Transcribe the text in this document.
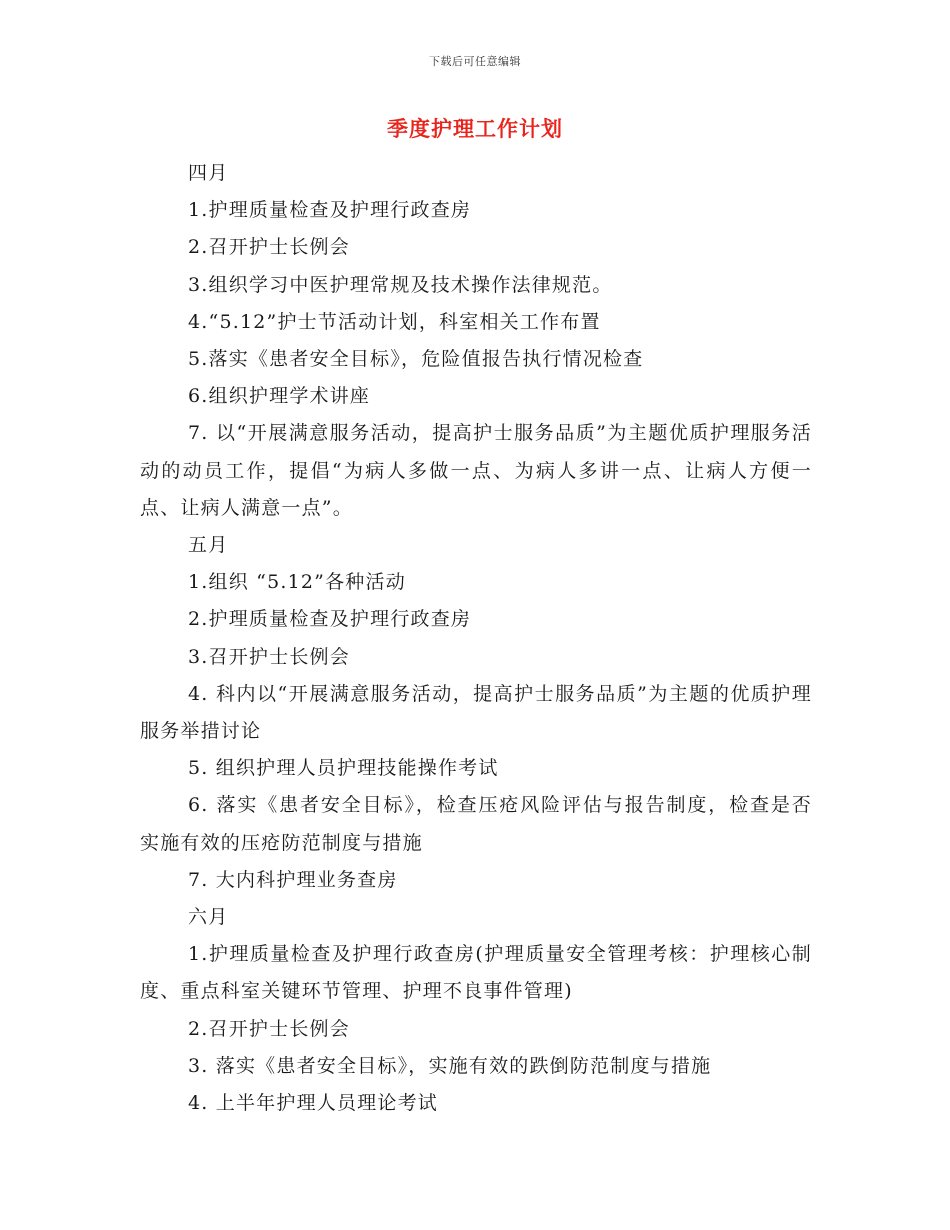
下载后可任意编辑
季度护理工作计划

四月

1.护理质量检查及护理行政查房

2.召开护士长例会

3.组织学习中医护理常规及技术操作法律规范。

4.“5.12”护士节活动计划，科室相关工作布置

5.落实《患者安全目标》，危险值报告执行情况检查

6.组织护理学术讲座

7. 以“开展满意服务活动，提高护士服务品质”为主题优质护理服务活动的动员工作，提倡“为病人多做一点、为病人多讲一点、让病人方便一点、让病人满意一点”。

五月

1.组织 “5.12”各种活动

2.护理质量检查及护理行政查房

3.召开护士长例会

4. 科内以“开展满意服务活动，提高护士服务品质”为主题的优质护理服务举措讨论

5. 组织护理人员护理技能操作考试

6. 落实《患者安全目标》，检查压疮风险评估与报告制度，检查是否实施有效的压疮防范制度与措施

7. 大内科护理业务查房

六月

1.护理质量检查及护理行政查房(护理质量安全管理考核：护理核心制度、重点科室关键环节管理、护理不良事件管理)

2.召开护士长例会

3. 落实《患者安全目标》，实施有效的跌倒防范制度与措施

4. 上半年护理人员理论考试
